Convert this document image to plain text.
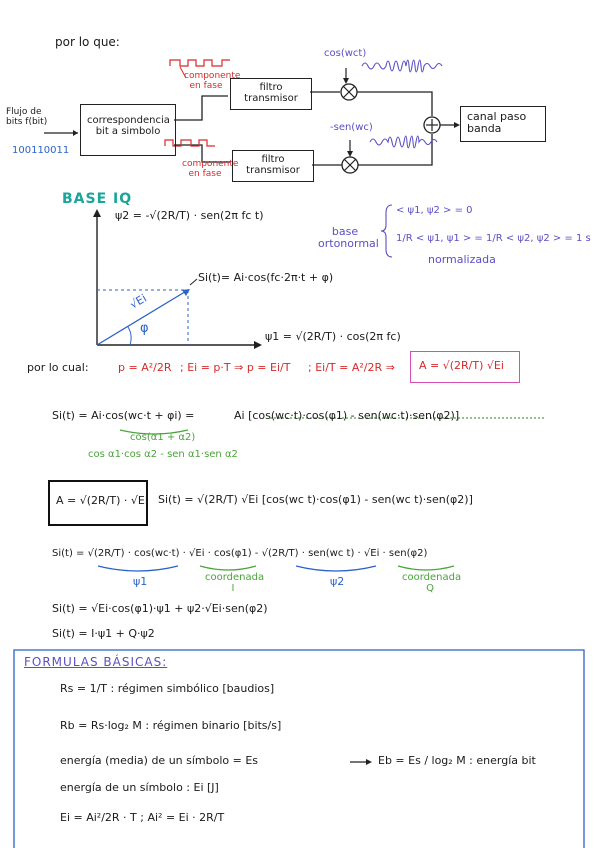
por lo que:
Flujo de bits f(bit)
100110011
correspondencia bit a simbolo
componente en fase
componente en fase
filtro transmisor
filtro transmisor
cos(wct)
-sen(wc)
canal paso banda
BASE IQ
ψ2 = -√(2R/T) · sen(2π fc t)
Si(t)= Ai·cos(fc·2π·t + φ)
√Ei
φ
ψ1 = √(2R/T) · cos(2π fc)
base ortonormal
< ψ1, ψ2 > = 0
1/R < ψ1, ψ1 > = 1/R < ψ2, ψ2 > = 1 s
normalizada
por lo cual:	p = A²/2R ; Ei = p·T ⇒ p = Ei/T ; Ei/T = A²/2R ⇒ A = √(2R/T) √Ei
Si(t) = Ai·cos(wc·t + φi) =	Ai [cos(wc·t)·cos(φ1) - sen(wc·t)·sen(φ2)]
cos(α1 + α2)
cos α1·cos α2 - sen α1·sen α2
A = √(2R/T) · √Ei Si(t) = √(2R/T) √Ei [cos(wc t)·cos(φ1) - sen(wc t)·sen(φ2)]
Si(t) = √(2R/T) · cos(wc·t) · √Ei · cos(φ1) - √(2R/T) · sen(wc t) · √Ei · sen(φ2)
ψ1	coordenada I
ψ2	coordenada Q
Si(t) = √Ei·cos(φ1)·ψ1 + ψ2·√Ei·sen(φ2)
Si(t) = I·ψ1 + Q·ψ2
FORMULAS BÁSICAS:
Rs = 1/T : régimen simbólico [baudios]
Rb = Rs·log₂ M : régimen binario [bits/s]
energía (media) de un símbolo = Es	Eb = Es / log₂ M : energía bit
energía de un símbolo : Ei [J]
Ei = Ai²/2R · T ; Ai² = Ei · 2R/T
